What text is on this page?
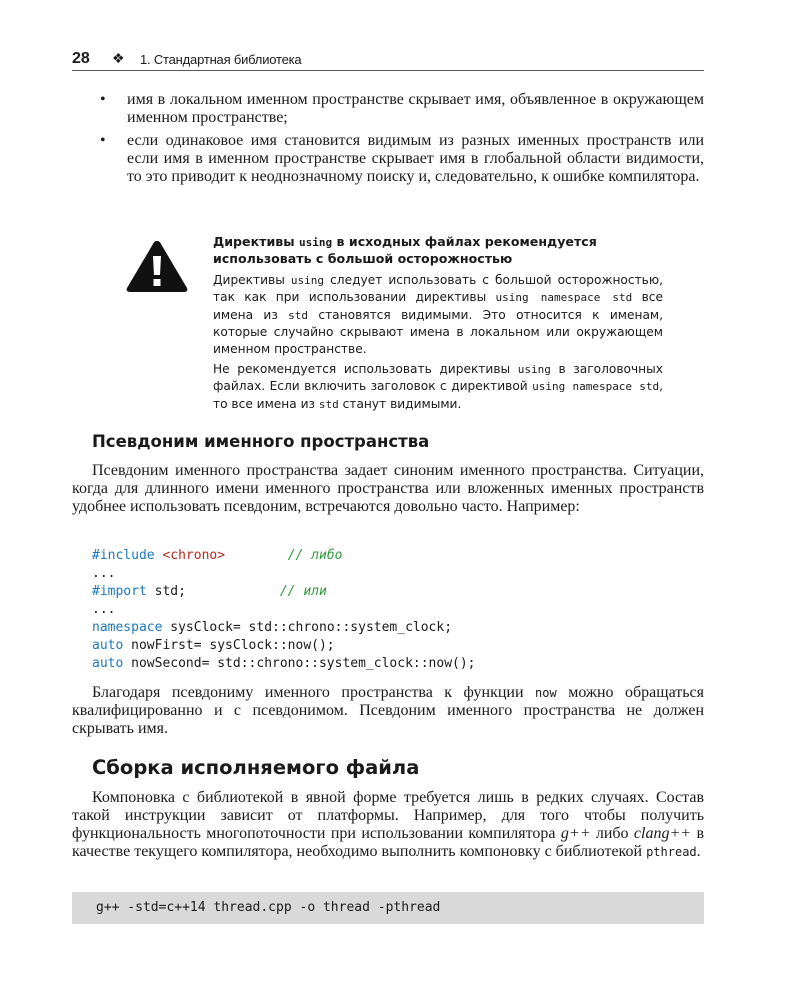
28 ❖ 1. Стандартная библиотека
• имя в локальном именном пространстве скрывает имя, объявленное в окружающем именном пространстве;
• если одинаковое имя становится видимым из разных именных пространств или если имя в именном пространстве скрывает имя в глобальной области видимости, то это приводит к неоднозначному поиску и, следовательно, к ошибке компилятора.
Директивы using в исходных файлах рекомендуется использовать с большой осторожностью

Директивы using следует использовать с большой осторожностью, так как при использовании директивы using namespace std все имена из std становятся видимыми. Это относится к именам, которые случайно скрывают имена в локальном или окружающем именном пространстве.

Не рекомендуется использовать директивы using в заголовочных файлах. Если включить заголовок с директивой using namespace std, то все имена из std станут видимыми.

Псевдоним именного пространства

Псевдоним именного пространства задает синоним именного пространства. Ситуации, когда для длинного имени именного пространства или вложенных именных пространств удобнее использовать псевдоним, встречаются довольно часто. Например:

#include <chrono>	// либо
...
#import std;	// или
...
namespace sysClock= std::chrono::system_clock;
auto nowFirst= sysClock::now();
auto nowSecond= std::chrono::system_clock::now();

Благодаря псевдониму именного пространства к функции now можно обращаться квалифицированно и с псевдонимом. Псевдоним именного пространства не должен скрывать имя.

Сборка исполняемого файла

Компоновка с библиотекой в явной форме требуется лишь в редких случаях. Состав такой инструкции зависит от платформы. Например, для того чтобы получить функциональность многопоточности при использовании компилятора g++ либо clang++ в качестве текущего компилятора, необходимо выполнить компоновку с библиотекой pthread.

g++ -std=c++14 thread.cpp -o thread -pthread
